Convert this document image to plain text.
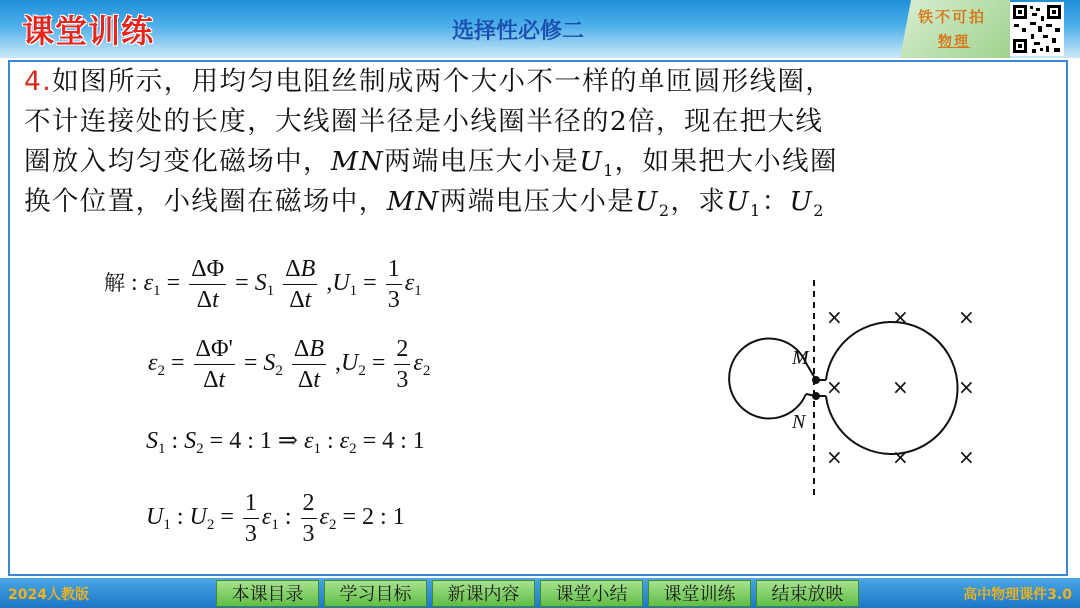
课堂训练	选择性必修二
铁不可拍
物理
4.如图所示，用均匀电阻丝制成两个大小不一样的单匝圆形线圈，
不计连接处的长度，大线圈半径是小线圈半径的2倍，现在把大线
圈放入均匀变化磁场中，MN两端电压大小是$U_1$，如果把大小线圈
换个位置，小线圈在磁场中，MN两端电压大小是$U_2$，求$U_1$：$U_2$
解 : $\varepsilon_1 = \frac{\Delta\Phi}{\Delta t} = S_1 \frac{\Delta B}{\Delta t} ,U_1 = \frac{1}{3} \varepsilon_1$
$\varepsilon_2 = \frac{\Delta\Phi'}{\Delta t} = S_2 \frac{\Delta B}{\Delta t} ,U_2 = \frac{2}{3} \varepsilon_2$
$S_1$ : $S_2 = 4$ : 1 ⇒ $\varepsilon_1$ : $\varepsilon_2 = 4$ : 1
$U_1$ : $U_2 = \frac{1}{3} \varepsilon_1$ : $\frac{2}{3} \varepsilon_2 = 2$ : 1
M
N
× × ×
× × ×
× × ×
2024人教版	高中物理课件3.0
本课目录	学习目标	新课内容	课堂小结	课堂训练	结束放映
